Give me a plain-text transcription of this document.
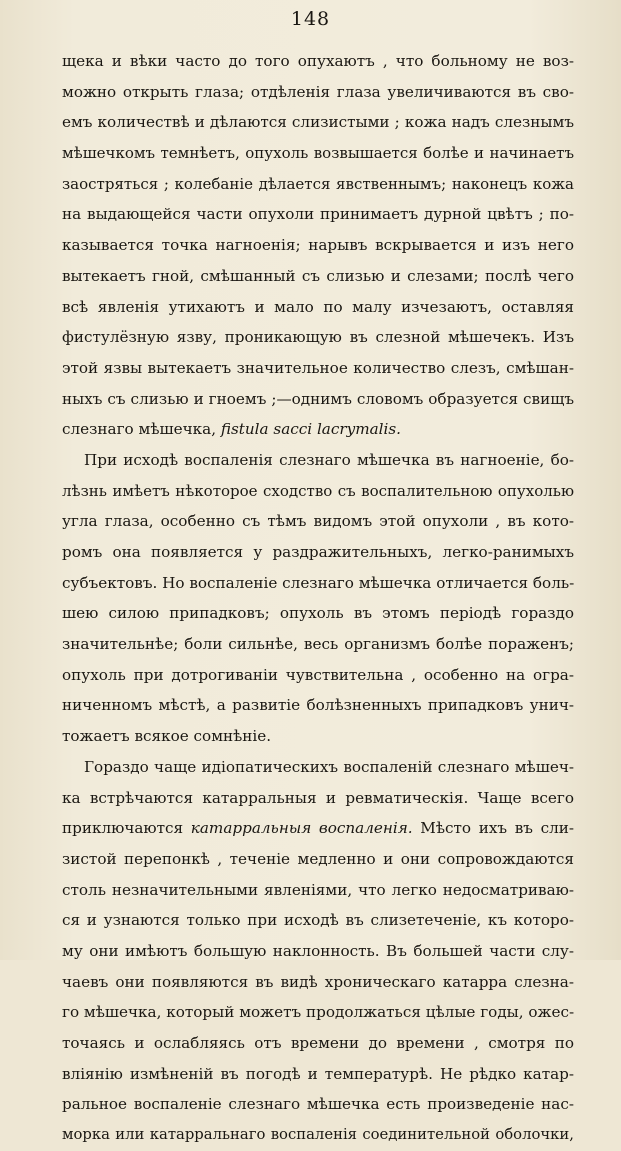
148
щека и вѣки часто до того опухаютъ , что больному не воз-
можно открыть глаза; отдѣленія глаза увеличиваются въ сво-
емъ количествѣ и дѣлаются слизистыми ; кожа надъ слезнымъ
мѣшечкомъ темнѣетъ, опухоль возвышается болѣе и начинаетъ
заостряться ; колебаніе дѣлается явственнымъ; наконецъ кожа
на выдающейся части опухоли принимаетъ дурной цвѣтъ ; по-
казывается точка нагноенія; нарывъ вскрывается и изъ него
вытекаетъ гной, смѣшанный съ слизью и слезами; послѣ чего
всѣ явленія утихаютъ и мало по малу изчезаютъ, оставляя
фистулёзную язву, проникающую въ слезной мѣшечекъ. Изъ
этой язвы вытекаетъ значительное количество слезъ, смѣшан-
ныхъ съ слизью и гноемъ ;—однимъ словомъ образуется свищъ
слезнаго мѣшечка, fistula sacci lacrymalis.
При исходѣ воспаленія слезнаго мѣшечка въ нагноеніе, бо-
лѣзнь имѣетъ нѣкоторое сходство съ воспалительною опухолью
угла глаза, особенно съ тѣмъ видомъ этой опухоли , въ кото-
ромъ она появляется у раздражительныхъ, легко-ранимыхъ
субъектовъ. Но воспаленіе слезнаго мѣшечка отличается боль-
шею силою припадковъ; опухоль въ этомъ періодѣ гораздо
значительнѣе; боли сильнѣе, весь организмъ болѣе пораженъ;
опухоль при дотрогиваніи чувствительна , особенно на огра-
ниченномъ мѣстѣ, а развитіе болѣзненныхъ припадковъ унич-
тожаетъ всякое сомнѣніе.
Гораздо чаще идіопатическихъ воспаленій слезнаго мѣшеч-
ка встрѣчаются катарральныя и ревматическія. Чаще всего
приключаются катарральныя воспаленія. Мѣсто ихъ въ сли-
зистой перепонкѣ , теченіе медленно и они сопровождаются
столь незначительными явленіями, что легко недосматриваю-
ся и узнаются только при исходѣ въ слизетеченіе, къ которо-
му они имѣютъ большую наклонность. Въ большей части слу-
чаевъ они появляются въ видѣ хроническаго катарра слезна-
го мѣшечка, который можетъ продолжаться цѣлые годы, ожес-
точаясь и ослабляясь отъ времени до времени , смотря по
вліянію измѣненій въ погодѣ и температурѣ. Не рѣдко катар-
ральное воспаленіе слезнаго мѣшечка есть произведеніе нас-
морка или катарральнаго воспаленія соединительной оболочки,
